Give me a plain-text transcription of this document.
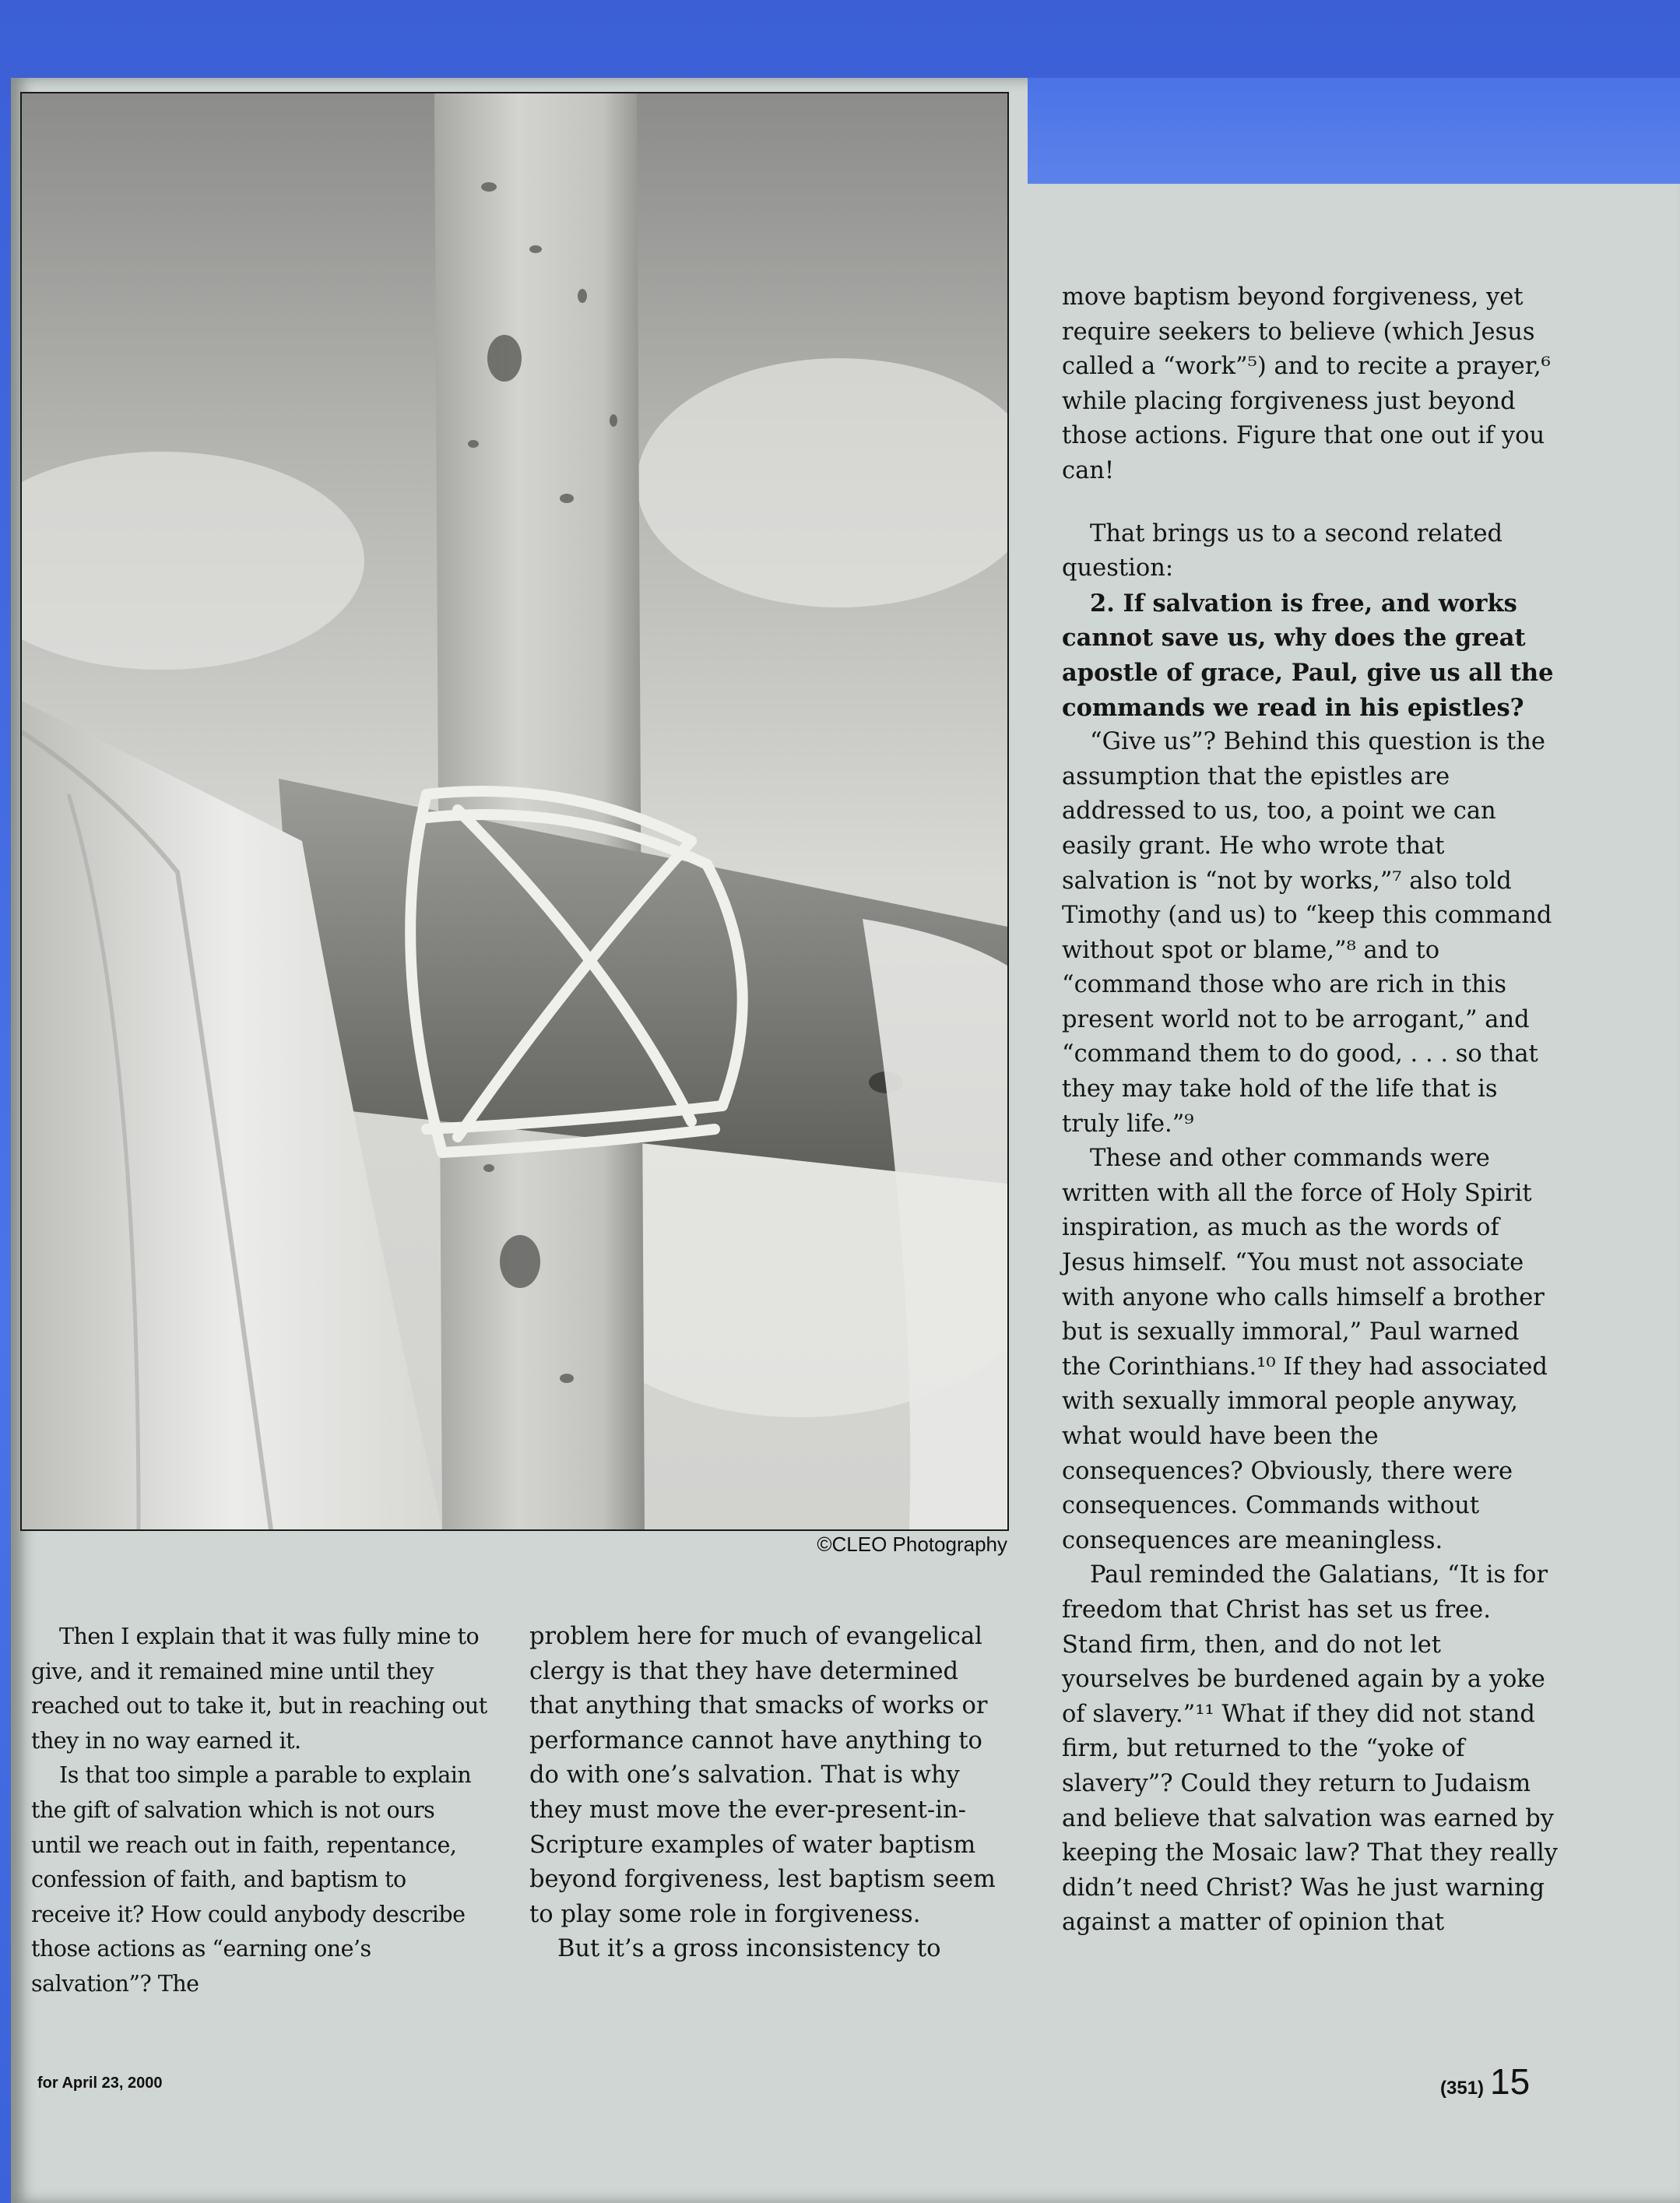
©CLEO Photography

Then I explain that it was fully mine to give, and it remained mine until they reached out to take it, but in reaching out they in no way earned it.

Is that too simple a parable to explain the gift of salvation which is not ours until we reach out in faith, repentance, confession of faith, and baptism to receive it? How could anybody describe those actions as “earning one’s salvation”? The

problem here for much of evangelical clergy is that they have determined that anything that smacks of works or performance cannot have anything to do with one’s salvation. That is why they must move the ever-present-in-Scripture examples of water baptism beyond forgiveness, lest baptism seem to play some role in forgiveness.

But it’s a gross inconsistency to

move baptism beyond forgiveness, yet require seekers to believe (which Jesus called a “work”⁵) and to recite a prayer,⁶ while placing forgiveness just beyond those actions. Figure that one out if you can!

That brings us to a second related question:

2. If salvation is free, and works cannot save us, why does the great apostle of grace, Paul, give us all the commands we read in his epistles?

“Give us”? Behind this question is the assumption that the epistles are addressed to us, too, a point we can easily grant. He who wrote that salvation is “not by works,”⁷ also told Timothy (and us) to “keep this command without spot or blame,”⁸ and to “command those who are rich in this present world not to be arrogant,” and “command them to do good, . . . so that they may take hold of the life that is truly life.”⁹

These and other commands were written with all the force of Holy Spirit inspiration, as much as the words of Jesus himself. “You must not associate with anyone who calls himself a brother but is sexually immoral,” Paul warned the Corinthians.¹⁰ If they had associated with sexually immoral people anyway, what would have been the consequences? Obviously, there were consequences. Commands without consequences are meaningless.

Paul reminded the Galatians, “It is for freedom that Christ has set us free. Stand firm, then, and do not let yourselves be burdened again by a yoke of slavery.”¹¹ What if they did not stand firm, but returned to the “yoke of slavery”? Could they return to Judaism and believe that salvation was earned by keeping the Mosaic law? That they really didn’t need Christ? Was he just warning against a matter of opinion that

for April 23, 2000	(351) 15
